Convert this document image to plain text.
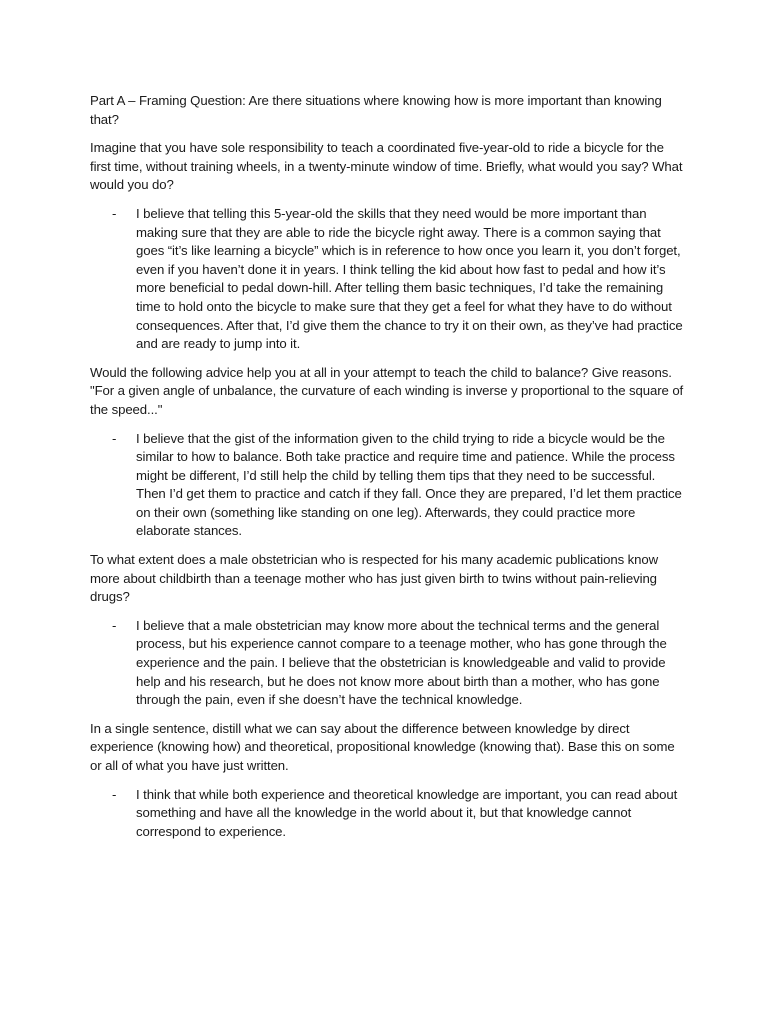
Part A – Framing Question: Are there situations where knowing how is more important than knowing that?

Imagine that you have sole responsibility to teach a coordinated five-year-old to ride a bicycle for the first time, without training wheels, in a twenty-minute window of time. Briefly, what would you say? What would you do?

- I believe that telling this 5-year-old the skills that they need would be more important than making sure that they are able to ride the bicycle right away. There is a common saying that goes “it’s like learning a bicycle” which is in reference to how once you learn it, you don’t forget, even if you haven’t done it in years. I think telling the kid about how fast to pedal and how it’s more beneficial to pedal down-hill. After telling them basic techniques, I’d take the remaining time to hold onto the bicycle to make sure that they get a feel for what they have to do without consequences. After that, I’d give them the chance to try it on their own, as they’ve had practice and are ready to jump into it.

Would the following advice help you at all in your attempt to teach the child to balance? Give reasons. "For a given angle of unbalance, the curvature of each winding is inverse y proportional to the square of the speed..."

- I believe that the gist of the information given to the child trying to ride a bicycle would be the similar to how to balance. Both take practice and require time and patience. While the process might be different, I’d still help the child by telling them tips that they need to be successful. Then I’d get them to practice and catch if they fall. Once they are prepared, I’d let them practice on their own (something like standing on one leg). Afterwards, they could practice more elaborate stances.

To what extent does a male obstetrician who is respected for his many academic publications know more about childbirth than a teenage mother who has just given birth to twins without pain-relieving drugs?

- I believe that a male obstetrician may know more about the technical terms and the general process, but his experience cannot compare to a teenage mother, who has gone through the experience and the pain. I believe that the obstetrician is knowledgeable and valid to provide help and his research, but he does not know more about birth than a mother, who has gone through the pain, even if she doesn’t have the technical knowledge.

In a single sentence, distill what we can say about the difference between knowledge by direct experience (knowing how) and theoretical, propositional knowledge (knowing that). Base this on some or all of what you have just written.

- I think that while both experience and theoretical knowledge are important, you can read about something and have all the knowledge in the world about it, but that knowledge cannot correspond to experience.
